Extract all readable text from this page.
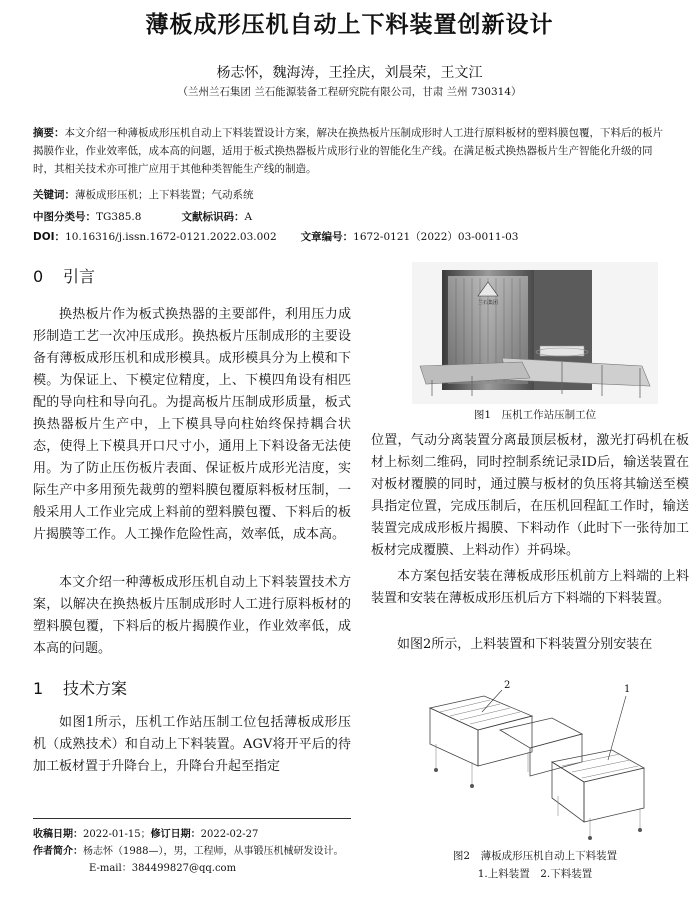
薄板成形压机自动上下料装置创新设计
杨志怀，魏海涛，王拴庆，刘晨荣，王文江
（兰州兰石集团 兰石能源装备工程研究院有限公司，甘肃 兰州 730314）
摘要：本文介绍一种薄板成形压机自动上下料装置设计方案，解决在换热板片压制成形时人工进行原料板材的塑料膜包覆，下料后的板片揭膜作业，作业效率低，成本高的问题，适用于板式换热器板片成形行业的智能化生产线。在满足板式换热器板片生产智能化升级的同时，其相关技术亦可推广应用于其他种类智能生产线的制造。
关键词：薄板成形压机；上下料装置；气动系统
中图分类号：TG385.8	文献标识码：A
DOI：10.16316/j.issn.1672-0121.2022.03.002 文章编号：1672-0121（2022）03-0011-03
0 引言
换热板片作为板式换热器的主要部件，利用压力成形制造工艺一次冲压成形。换热板片压制成形的主要设备有薄板成形压机和成形模具。成形模具分为上模和下模。为保证上、下模定位精度，上、下模四角设有相匹配的导向柱和导向孔。为提高板片压制成形质量，板式换热器板片生产中，上下模具导向柱始终保持耦合状态，使得上下模具开口尺寸小，通用上下料设备无法使用。为了防止压伤板片表面、保证板片成形光洁度，实际生产中多用预先裁剪的塑料膜包覆原料板材压制，一般采用人工作业完成上料前的塑料膜包覆、下料后的板片揭膜等工作。人工操作危险性高，效率低，成本高。
本文介绍一种薄板成形压机自动上下料装置技术方案，以解决在换热板片压制成形时人工进行原料板材的塑料膜包覆，下料后的板片揭膜作业，作业效率低，成本高的问题。
1 技术方案
如图1所示，压机工作站压制工位包括薄板成形压机（成熟技术）和自动上下料装置。AGV将开平后的待加工板材置于升降台上，升降台升起至指定
收稿日期：2022-01-15；修订日期：2022-02-27
作者简介：杨志怀（1988—），男，工程师，从事锻压机械研发设计。
E-mail：384499827@qq.com
兰石集团
图1　压机工作站压制工位
位置，气动分离装置分离最顶层板材，激光打码机在板材上标刻二维码，同时控制系统记录ID后，输送装置在对板材覆膜的同时，通过膜与板材的负压将其输送至模具指定位置，完成压制后，在压机回程缸工作时，输送装置完成成形板片揭膜、下料动作（此时下一张待加工板材完成覆膜、上料动作）并码垛。
本方案包括安装在薄板成形压机前方上料端的上料装置和安装在薄板成形压机后方下料端的下料装置。
如图2所示，上料装置和下料装置分别安装在
2	1
图2　薄板成形压机自动上下料装置
1.上料装置　2.下料装置
